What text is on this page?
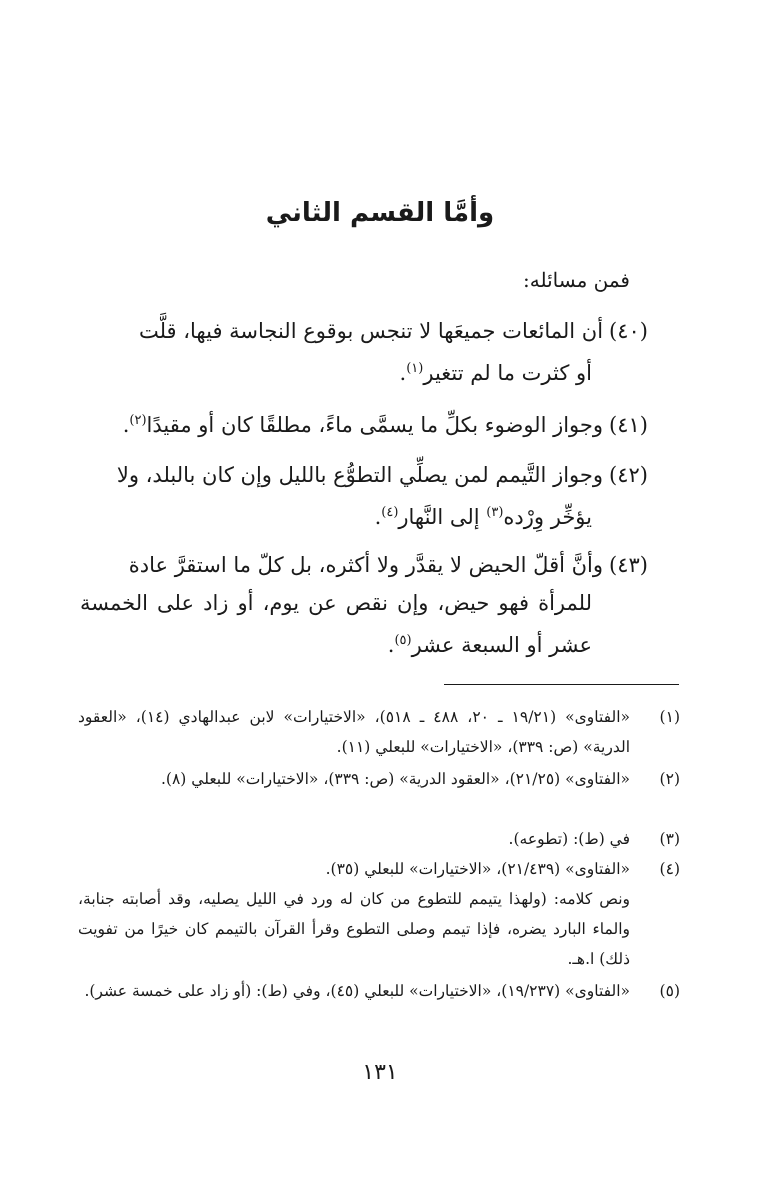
وأمَّا القسم الثاني
فمن مسائله:
(٤٠)أن المائعات جميعَها لا تنجس بوقوع النجاسة فيها، قلَّت
أو كثرت ما لم تتغير$^{(١)}$.
(٤١)وجواز الوضوء بكلِّ ما يسمَّى ماءً، مطلقًا كان أو مقيدًا$^{(٢)}$.
(٤٢)وجواز التَّيمم لمن يصلِّي التطوُّع بالليل وإن كان بالبلد، ولا
يؤخِّر وِرْده$^{(٣)}$ إلى النَّهار$^{(٤)}$.
(٤٣)وأنَّ أقلّ الحيض لا يقدَّر ولا أكثره، بل كلّ ما استقرَّ عادة
للمرأة فهو حيض، وإن نقص عن يوم، أو زاد على الخمسة
عشر أو السبعة عشر$^{(٥)}$.
(١)
«الفتاوى» (١٩/٢١ ـ ٢٠، ٤٨٨ ـ ٥١٨)، «الاختيارات» لابن عبدالهادي (١٤)، «العقود الدرية» (ص: ٣٣٩)، «الاختيارات» للبعلي (١١).
(٢)
«الفتاوى» (٢١/٢٥)، «العقود الدرية» (ص: ٣٣٩)، «الاختيارات» للبعلي (٨).
(٣)
في (ط): (تطوعه).
(٤)
«الفتاوى» (٢١/٤٣٩)، «الاختيارات» للبعلي (٣٥).
ونص كلامه: (ولهذا يتيمم للتطوع من كان له ورد في الليل يصليه، وقد أصابته جنابة، والماء البارد يضره، فإذا تيمم وصلى التطوع وقرأ القرآن بالتيمم كان خيرًا من تفويت ذلك) ا.هـ.
(٥)
«الفتاوى» (١٩/٢٣٧)، «الاختيارات» للبعلي (٤٥)، وفي (ط): (أو زاد على خمسة عشر).
١٣١
